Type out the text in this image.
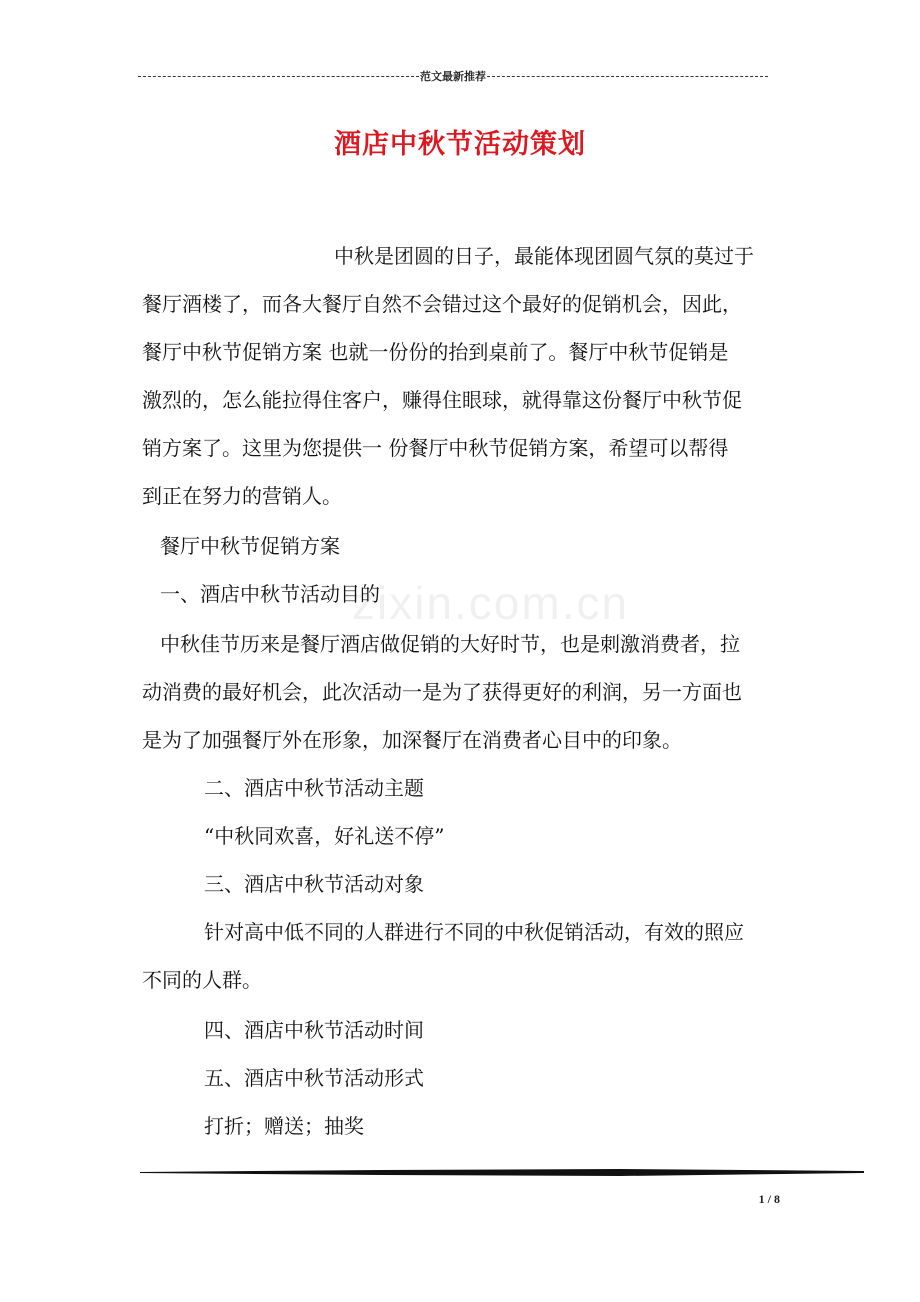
范文最新推荐
酒店中秋节活动策划
zixin.com.cn
中秋是团圆的日子，最能体现团圆气氛的莫过于
餐厅酒楼了，而各大餐厅自然不会错过这个最好的促销机会，因此，
餐厅中秋节促销方案 也就一份份的抬到桌前了。餐厅中秋节促销是
激烈的，怎么能拉得住客户，赚得住眼球，就得靠这份餐厅中秋节促
销方案了。这里为您提供一 份餐厅中秋节促销方案，希望可以帮得
到正在努力的营销人。
餐厅中秋节促销方案
一、酒店中秋节活动目的
中秋佳节历来是餐厅酒店做促销的大好时节，也是刺激消费者，拉
动消费的最好机会，此次活动一是为了获得更好的利润，另一方面也
是为了加强餐厅外在形象，加深餐厅在消费者心目中的印象。
二、酒店中秋节活动主题
“中秋同欢喜，好礼送不停”
三、酒店中秋节活动对象
针对高中低不同的人群进行不同的中秋促销活动，有效的照应
不同的人群。
四、酒店中秋节活动时间
五、酒店中秋节活动形式
打折；赠送；抽奖
1 / 8
